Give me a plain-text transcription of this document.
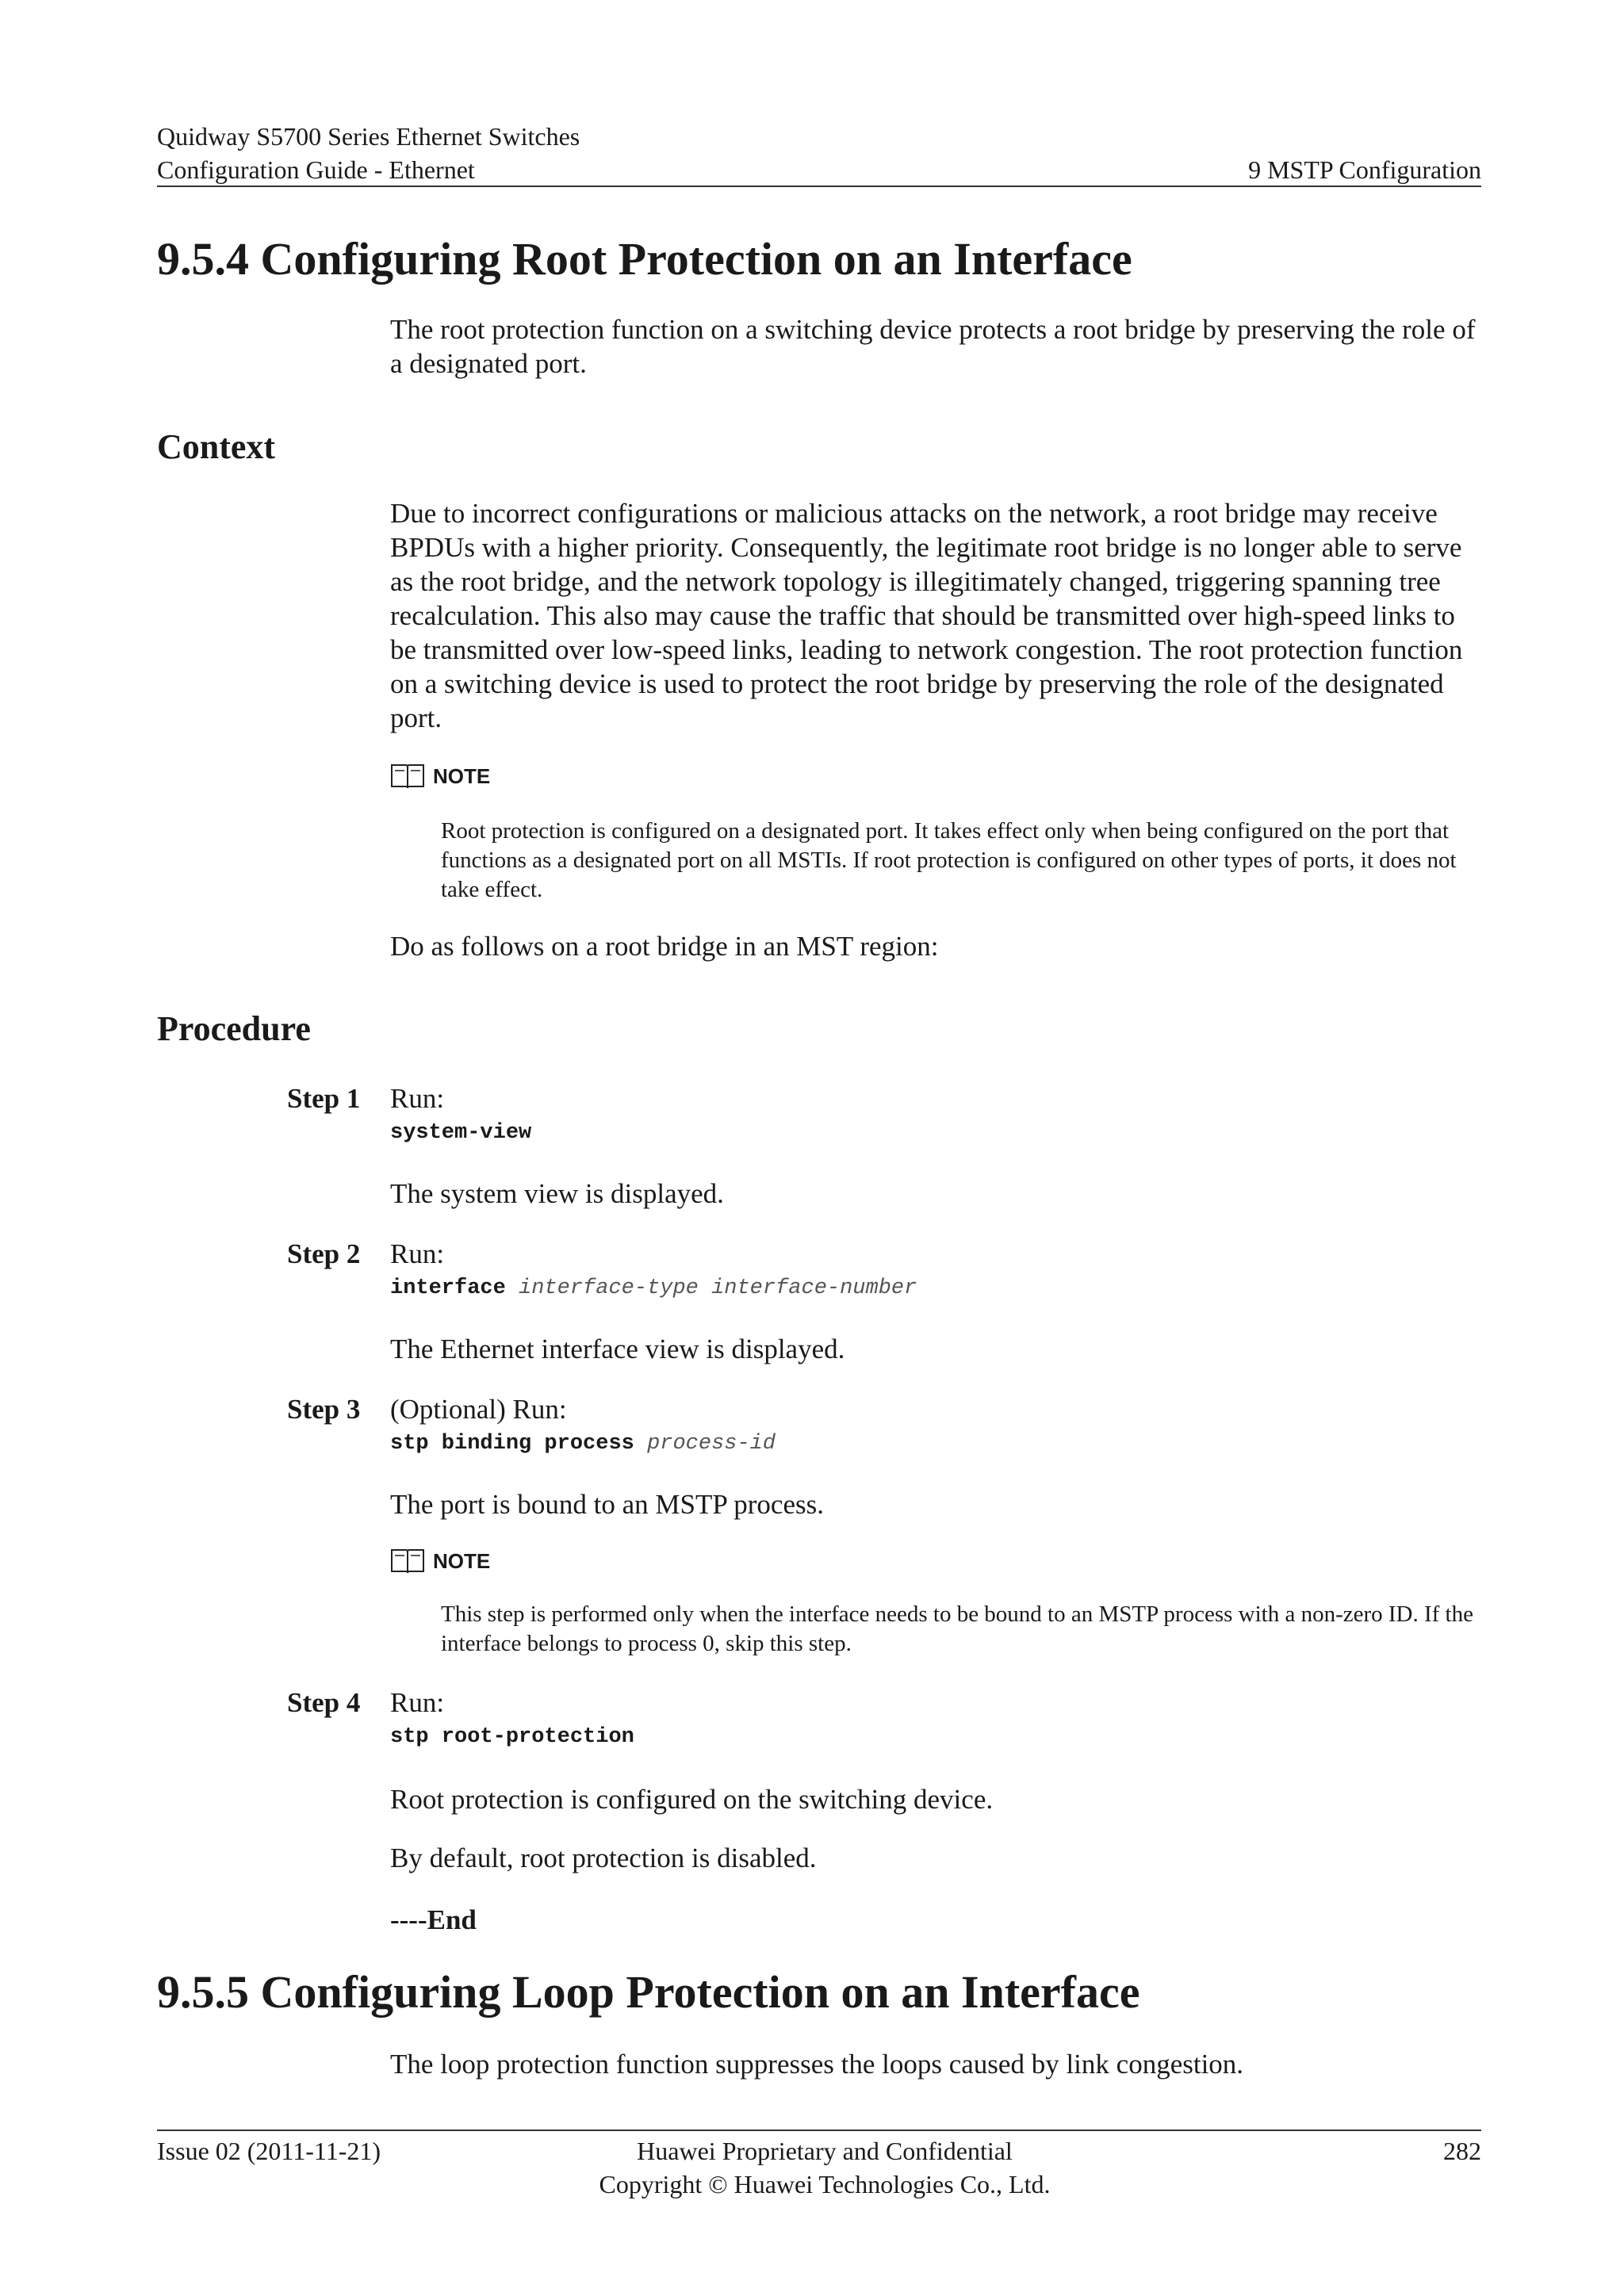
Quidway S5700 Series Ethernet Switches
Configuration Guide - Ethernet	9 MSTP Configuration
9.5.4 Configuring Root Protection on an Interface
The root protection function on a switching device protects a root bridge by preserving the role of a designated port.
Context
Due to incorrect configurations or malicious attacks on the network, a root bridge may receive BPDUs with a higher priority. Consequently, the legitimate root bridge is no longer able to serve as the root bridge, and the network topology is illegitimately changed, triggering spanning tree recalculation. This also may cause the traffic that should be transmitted over high-speed links to be transmitted over low-speed links, leading to network congestion. The root protection function on a switching device is used to protect the root bridge by preserving the role of the designated port.
NOTE
Root protection is configured on a designated port. It takes effect only when being configured on the port that functions as a designated port on all MSTIs. If root protection is configured on other types of ports, it does not take effect.
Do as follows on a root bridge in an MST region:
Procedure
Step 1	Run:
system-view
The system view is displayed.
Step 2	Run:
interface interface-type interface-number
The Ethernet interface view is displayed.
Step 3	(Optional) Run:
stp binding process process-id
The port is bound to an MSTP process.
NOTE
This step is performed only when the interface needs to be bound to an MSTP process with a non-zero ID. If the interface belongs to process 0, skip this step.
Step 4	Run:
stp root-protection
Root protection is configured on the switching device.
By default, root protection is disabled.
----End
9.5.5 Configuring Loop Protection on an Interface
The loop protection function suppresses the loops caused by link congestion.
Issue 02 (2011-11-21)	Huawei Proprietary and Confidential
Copyright © Huawei Technologies Co., Ltd.
282
